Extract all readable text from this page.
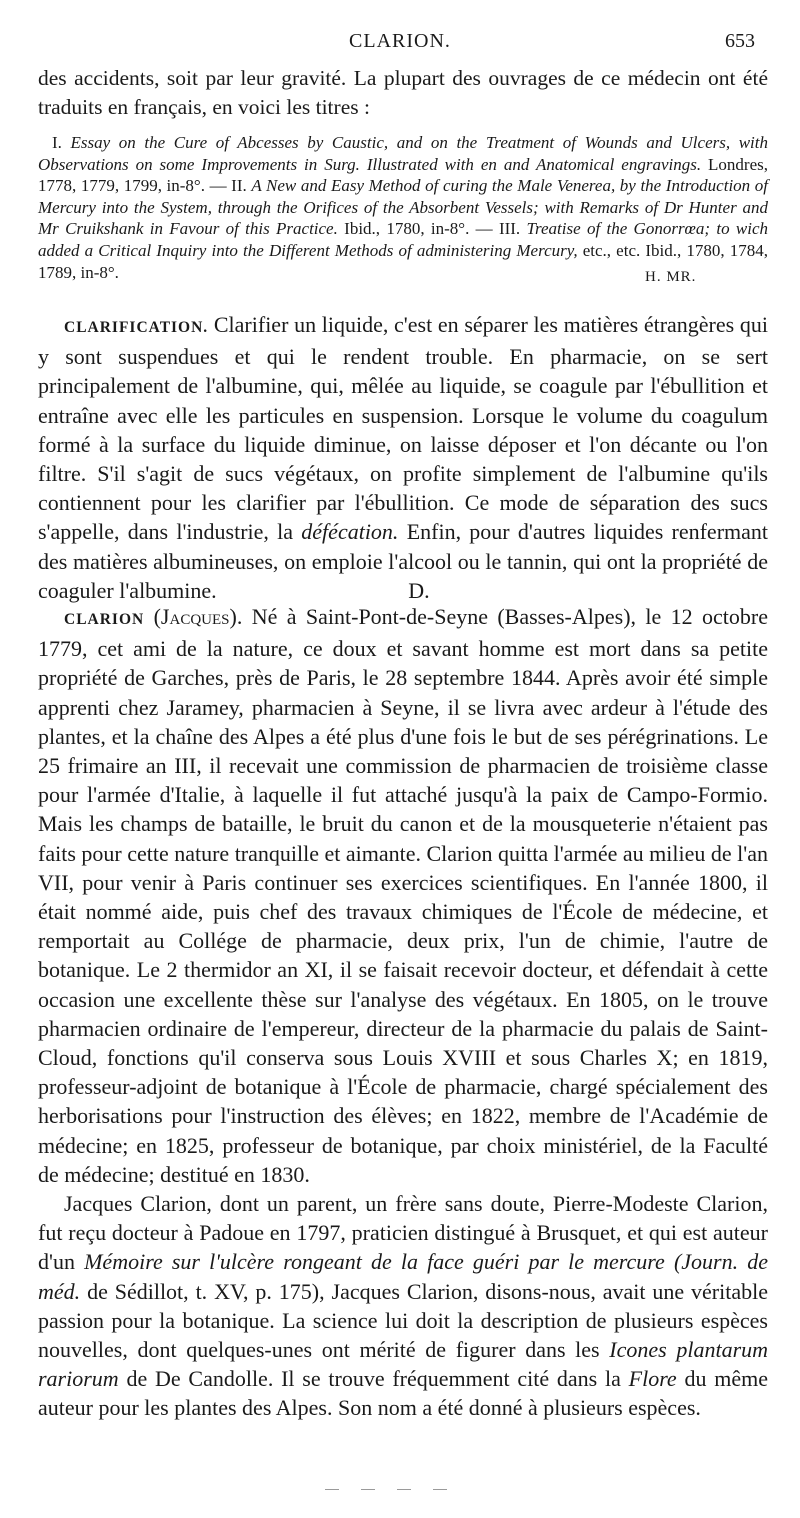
CLARION.	653
des accidents, soit par leur gravité. La plupart des ouvrages de ce médecin ont été traduits en français, en voici les titres :
I. Essay on the Cure of Abcesses by Caustic, and on the Treatment of Wounds and Ulcers, with Observations on some Improvements in Surg. Illustrated with en and Anatomical engravings. Londres, 1778, 1779, 1799, in-8°. — II. A New and Easy Method of curing the Male Venerea, by the Introduction of Mercury into the System, through the Orifices of the Absorbent Vessels; with Remarks of Dr Hunter and Mr Cruikshank in Favour of this Practice. Ibid., 1780, in-8°. — III. Treatise of the Gonorrœa; to wich added a Critical Inquiry into the Different Methods of administering Mercury, etc., etc. Ibid., 1780, 1784, 1789, in-8°.	H. MR.
CLARIFICATION. Clarifier un liquide, c'est en séparer les matières étrangères qui y sont suspendues et qui le rendent trouble. En pharmacie, on se sert principalement de l'albumine, qui, mêlée au liquide, se coagule par l'ébullition et entraîne avec elle les particules en suspension. Lorsque le volume du coagulum formé à la surface du liquide diminue, on laisse déposer et l'on décante ou l'on filtre. S'il s'agit de sucs végétaux, on profite simplement de l'albumine qu'ils contiennent pour les clarifier par l'ébullition. Ce mode de séparation des sucs s'appelle, dans l'industrie, la défécation. Enfin, pour d'autres liquides renfermant des matières albumineuses, on emploie l'alcool ou le tannin, qui ont la propriété de coaguler l'albumine.	D.

CLARION (Jacques). Né à Saint-Pont-de-Seyne (Basses-Alpes), le 12 octobre 1779, cet ami de la nature, ce doux et savant homme est mort dans sa petite propriété de Garches, près de Paris, le 28 septembre 1844. Après avoir été simple apprenti chez Jaramey, pharmacien à Seyne, il se livra avec ardeur à l'étude des plantes, et la chaîne des Alpes a été plus d'une fois le but de ses pérégrinations. Le 25 frimaire an III, il recevait une commission de pharmacien de troisième classe pour l'armée d'Italie, à laquelle il fut attaché jusqu'à la paix de Campo-Formio. Mais les champs de bataille, le bruit du canon et de la mousqueterie n'étaient pas faits pour cette nature tranquille et aimante. Clarion quitta l'armée au milieu de l'an VII, pour venir à Paris continuer ses exercices scientifiques. En l'année 1800, il était nommé aide, puis chef des travaux chimiques de l'École de médecine, et remportait au Collége de pharmacie, deux prix, l'un de chimie, l'autre de botanique. Le 2 thermidor an XI, il se faisait recevoir docteur, et défendait à cette occasion une excellente thèse sur l'analyse des végétaux. En 1805, on le trouve pharmacien ordinaire de l'empereur, directeur de la pharmacie du palais de Saint-Cloud, fonctions qu'il conserva sous Louis XVIII et sous Charles X; en 1819, professeur-adjoint de botanique à l'École de pharmacie, chargé spécialement des herborisations pour l'instruction des élèves; en 1822, membre de l'Académie de médecine; en 1825, professeur de botanique, par choix ministériel, de la Faculté de médecine; destitué en 1830.

Jacques Clarion, dont un parent, un frère sans doute, Pierre-Modeste Clarion, fut reçu docteur à Padoue en 1797, praticien distingué à Brusquet, et qui est auteur d'un Mémoire sur l'ulcère rongeant de la face guéri par le mercure (Journ. de méd. de Sédillot, t. XV, p. 175), Jacques Clarion, disons-nous, avait une véritable passion pour la botanique. La science lui doit la description de plusieurs espèces nouvelles, dont quelques-unes ont mérité de figurer dans les Icones plantarum rariorum de De Candolle. Il se trouve fréquemment cité dans la Flore du même auteur pour les plantes des Alpes. Son nom a été donné à plusieurs espèces.
